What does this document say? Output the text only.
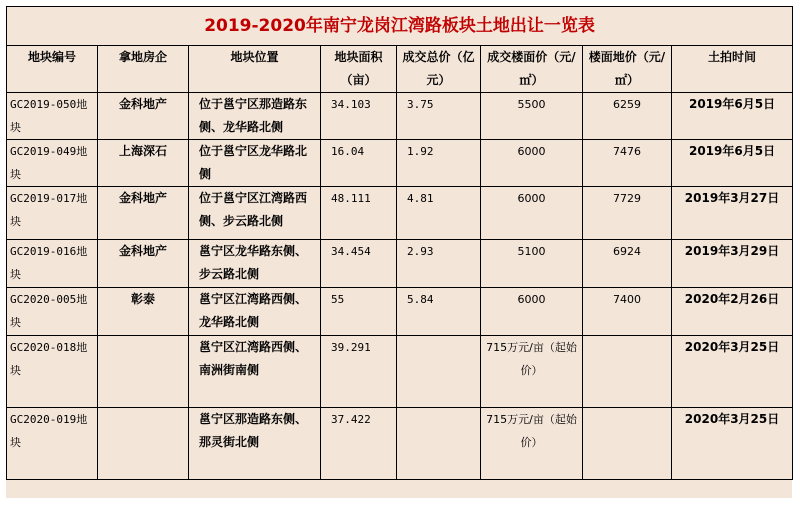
2019-2020年南宁龙岗江湾路板块土地出让一览表							
地块编号	拿地房企	地块位置	地块面积（亩）	成交总价（亿元）	成交楼面价（元/㎡）	楼面地价（元/㎡）	土拍时间
GC2019-050地块	金科地产	位于邕宁区那造路东侧、龙华路北侧	34.103	3.75	5500	6259	2019年6月5日
GC2019-049地块	上海深石	位于邕宁区龙华路北侧	16.04	1.92	6000	7476	2019年6月5日
GC2019-017地块	金科地产	位于邕宁区江湾路西侧、步云路北侧	48.111	4.81	6000	7729	2019年3月27日
GC2019-016地块	金科地产	邕宁区龙华路东侧、步云路北侧	34.454	2.93	5100	6924	2019年3月29日
GC2020-005地块	彰泰	邕宁区江湾路西侧、龙华路北侧	55	5.84	6000	7400	2020年2月26日
GC2020-018地块		邕宁区江湾路西侧、南洲街南侧	39.291		715万元/亩（起始价）		2020年3月25日
GC2020-019地块		邕宁区那造路东侧、那灵街北侧	37.422		715万元/亩（起始价）		2020年3月25日
